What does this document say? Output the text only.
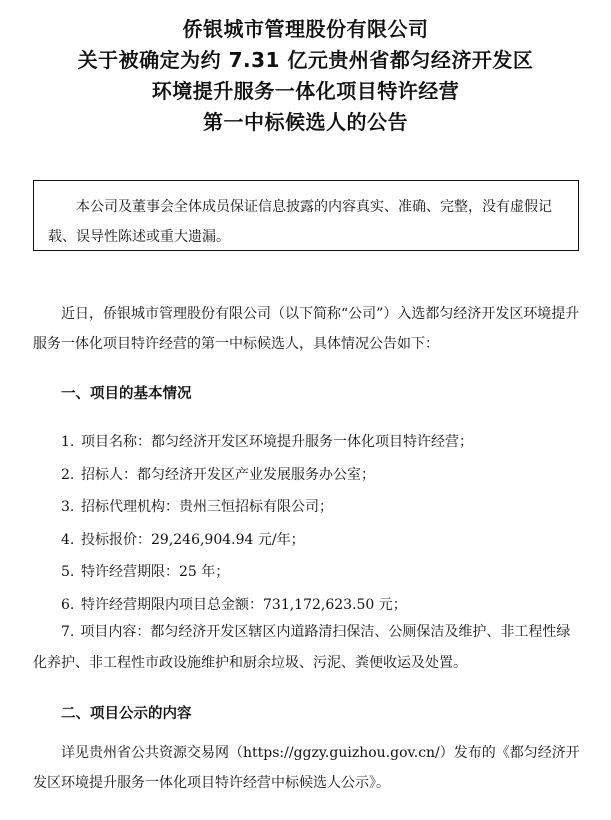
侨银城市管理股份有限公司
关于被确定为约 7.31 亿元贵州省都匀经济开发区
环境提升服务一体化项目特许经营
第一中标候选人的公告
本公司及董事会全体成员保证信息披露的内容真实、准确、完整，没有虚假记载、误导性陈述或重大遗漏。
近日，侨银城市管理股份有限公司（以下简称“公司”）入选都匀经济开发区环境提升服务一体化项目特许经营的第一中标候选人，具体情况公告如下：
一、项目的基本情况
1. 项目名称：都匀经济开发区环境提升服务一体化项目特许经营；
2. 招标人：都匀经济开发区产业发展服务办公室；
3. 招标代理机构：贵州三恒招标有限公司；
4. 投标报价：29,246,904.94 元/年；
5. 特许经营期限：25 年；
6. 特许经营期限内项目总金额：731,172,623.50 元；
7. 项目内容：都匀经济开发区辖区内道路清扫保洁、公厕保洁及维护、非工程性绿化养护、非工程性市政设施维护和厨余垃圾、污泥、粪便收运及处置。
二、项目公示的内容
详见贵州省公共资源交易网（https://ggzy.guizhou.gov.cn/）发布的《都匀经济开发区环境提升服务一体化项目特许经营中标候选人公示》。
